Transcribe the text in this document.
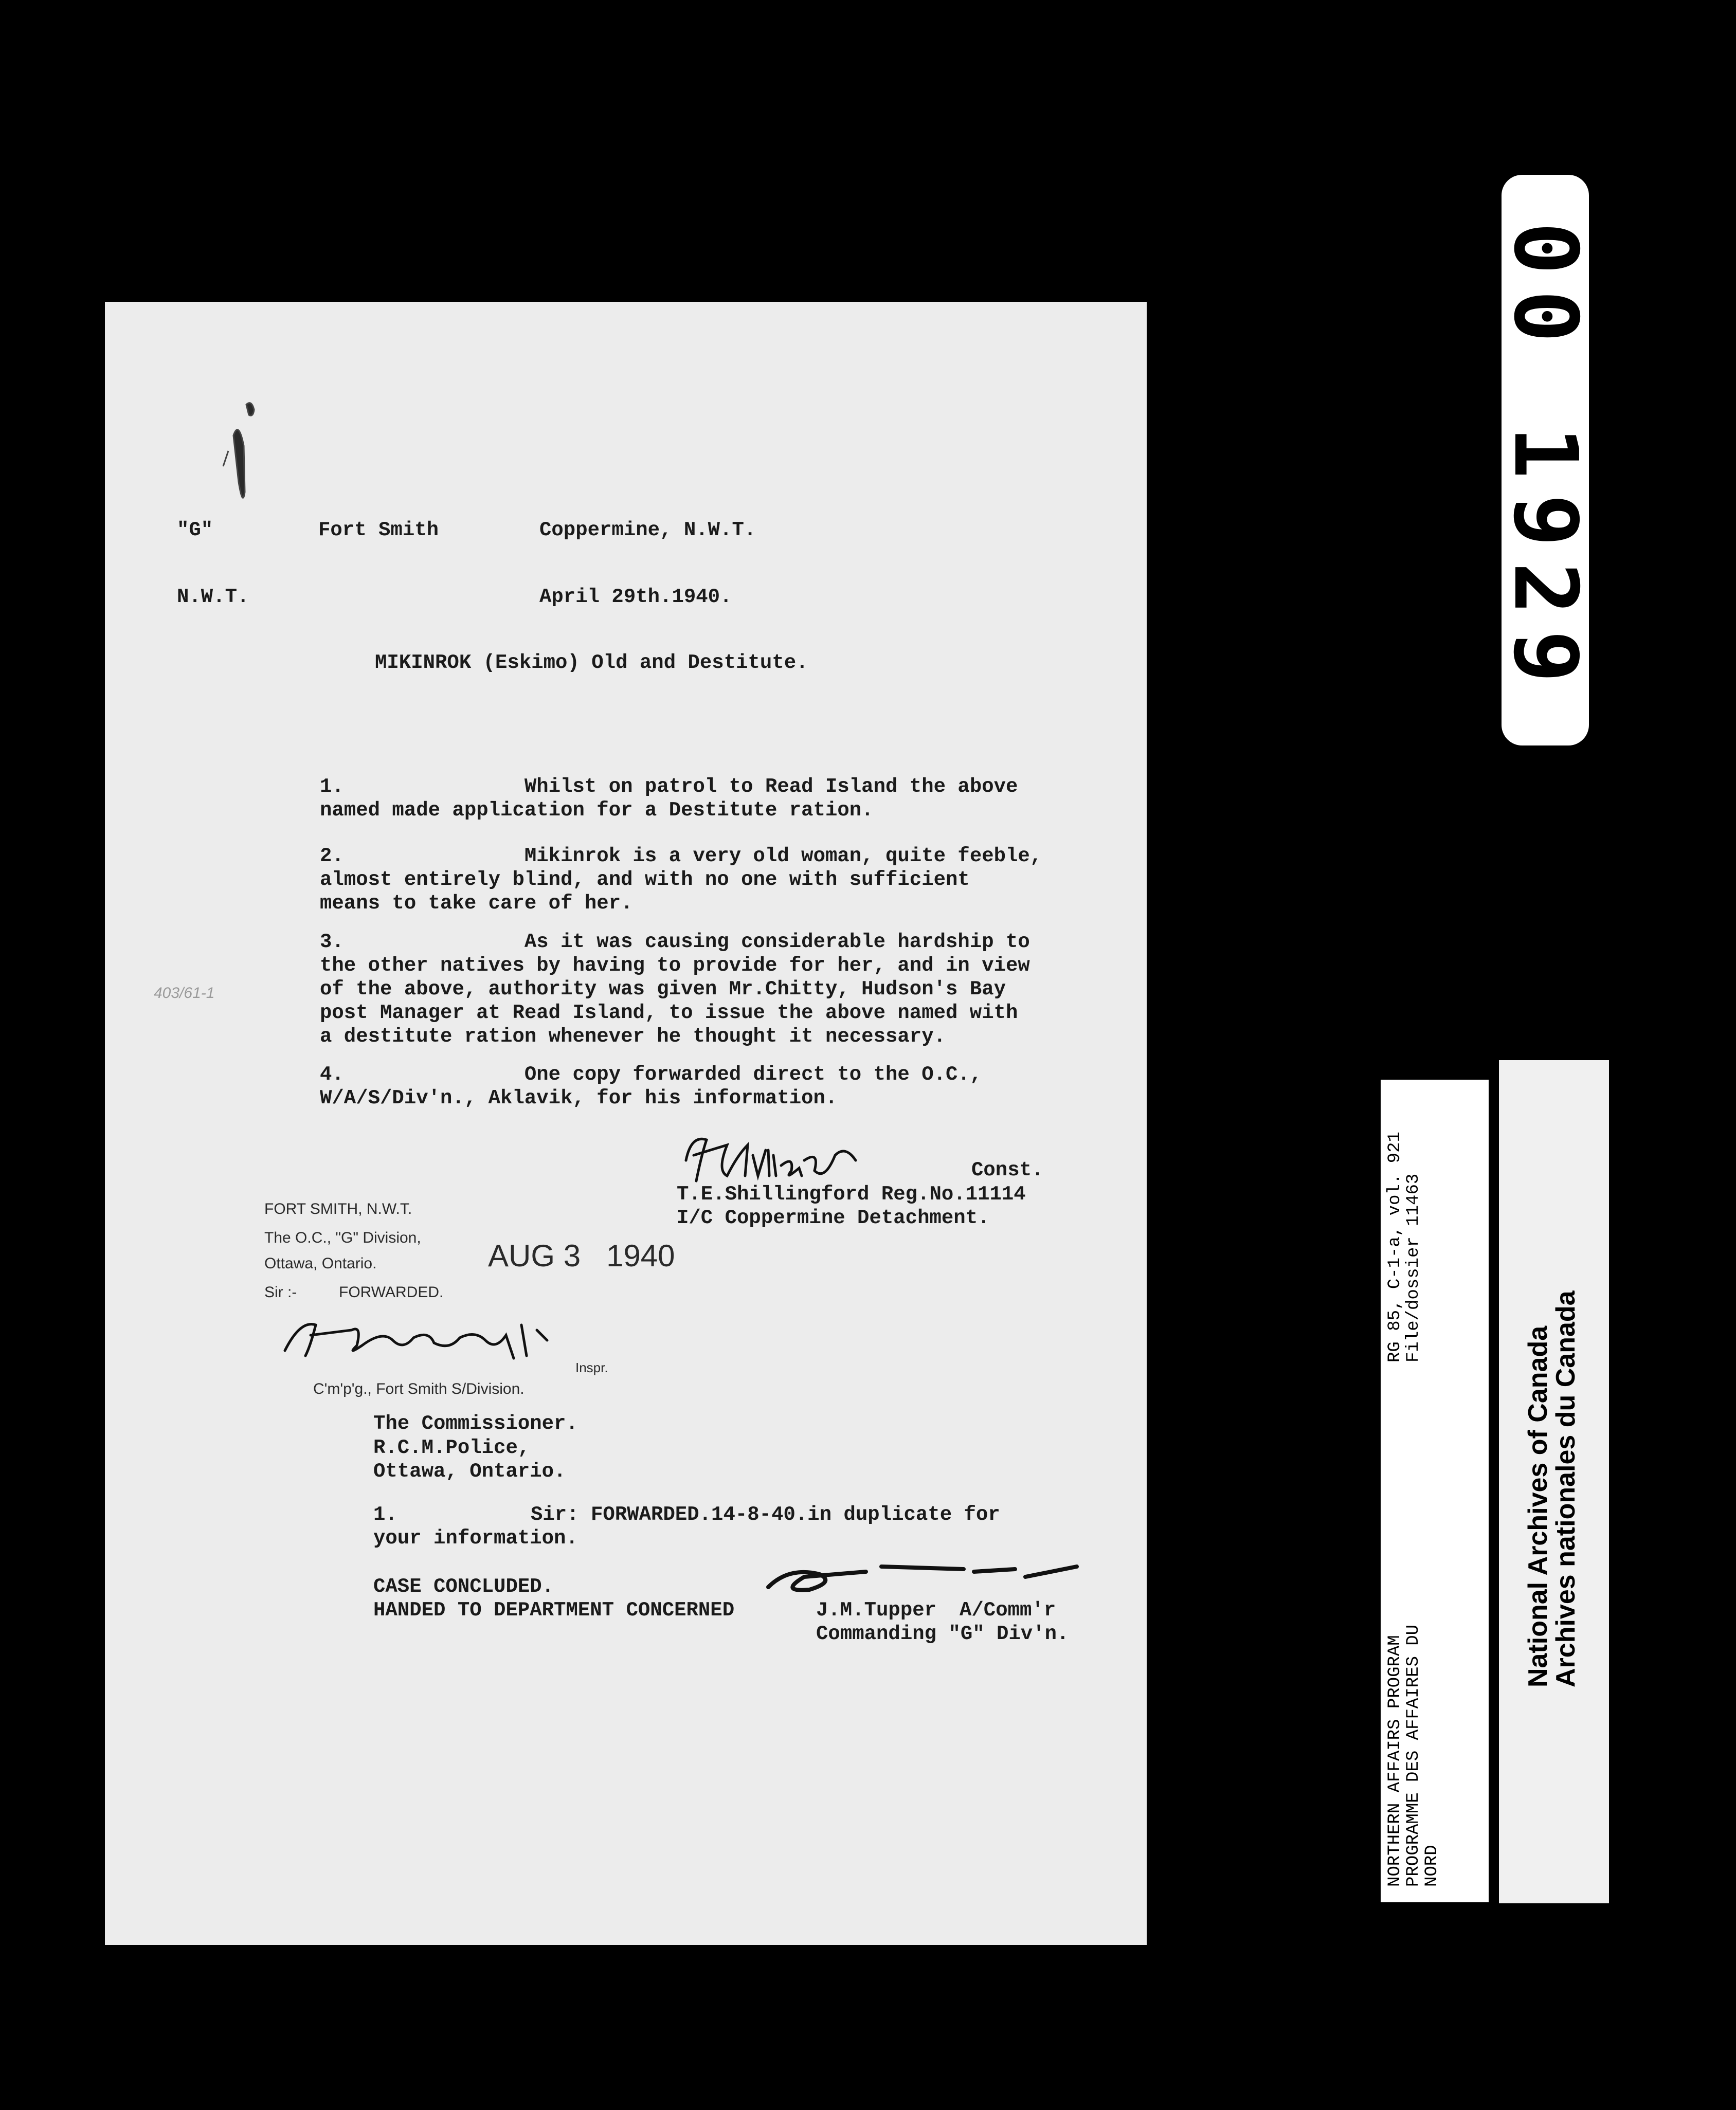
"G"	Fort Smith	Coppermine, N.W.T.
N.W.T.	April 29th.1940.
MIKINROK (Eskimo) Old and Destitute.
403/61-1
1.	Whilst on patrol to Read Island the above
named made application for a Destitute ration.
2.	Mikinrok is a very old woman, quite feeble,
almost entirely blind, and with no one with sufficient
means to take care of her.
3.	As it was causing considerable hardship to
the other natives by having to provide for her, and in view
of the above, authority was given Mr.Chitty, Hudson's Bay
post Manager at Read Island, to issue the above named with
a destitute ration whenever he thought it necessary.
4.	One copy forwarded direct to the O.C.,
W/A/S/Div'n., Aklavik, for his information.
Const.
T.E.Shillingford Reg.No.11114
I/C Coppermine Detachment.
FORT SMITH, N.W.T.
The O.C., "G" Division,
Ottawa, Ontario.
Sir :-	FORWARDED.
AUG 3   1940
Inspr.
C'm'p'g., Fort Smith S/Division.
The Commissioner.
R.C.M.Police,
Ottawa, Ontario.
1.	Sir: FORWARDED.14-8-40.in duplicate for
your information.
CASE CONCLUDED.
HANDED TO DEPARTMENT CONCERNED	J.M.Tupper A/Comm'r
Commanding "G" Div'n.
00 1929
NORTHERN AFFAIRS PROGRAM
PROGRAMME DES AFFAIRES DU
NORD
RG 85, C-1-a, vol. 921
File/dossier 11463
National Archives of Canada
Archives nationales du Canada
